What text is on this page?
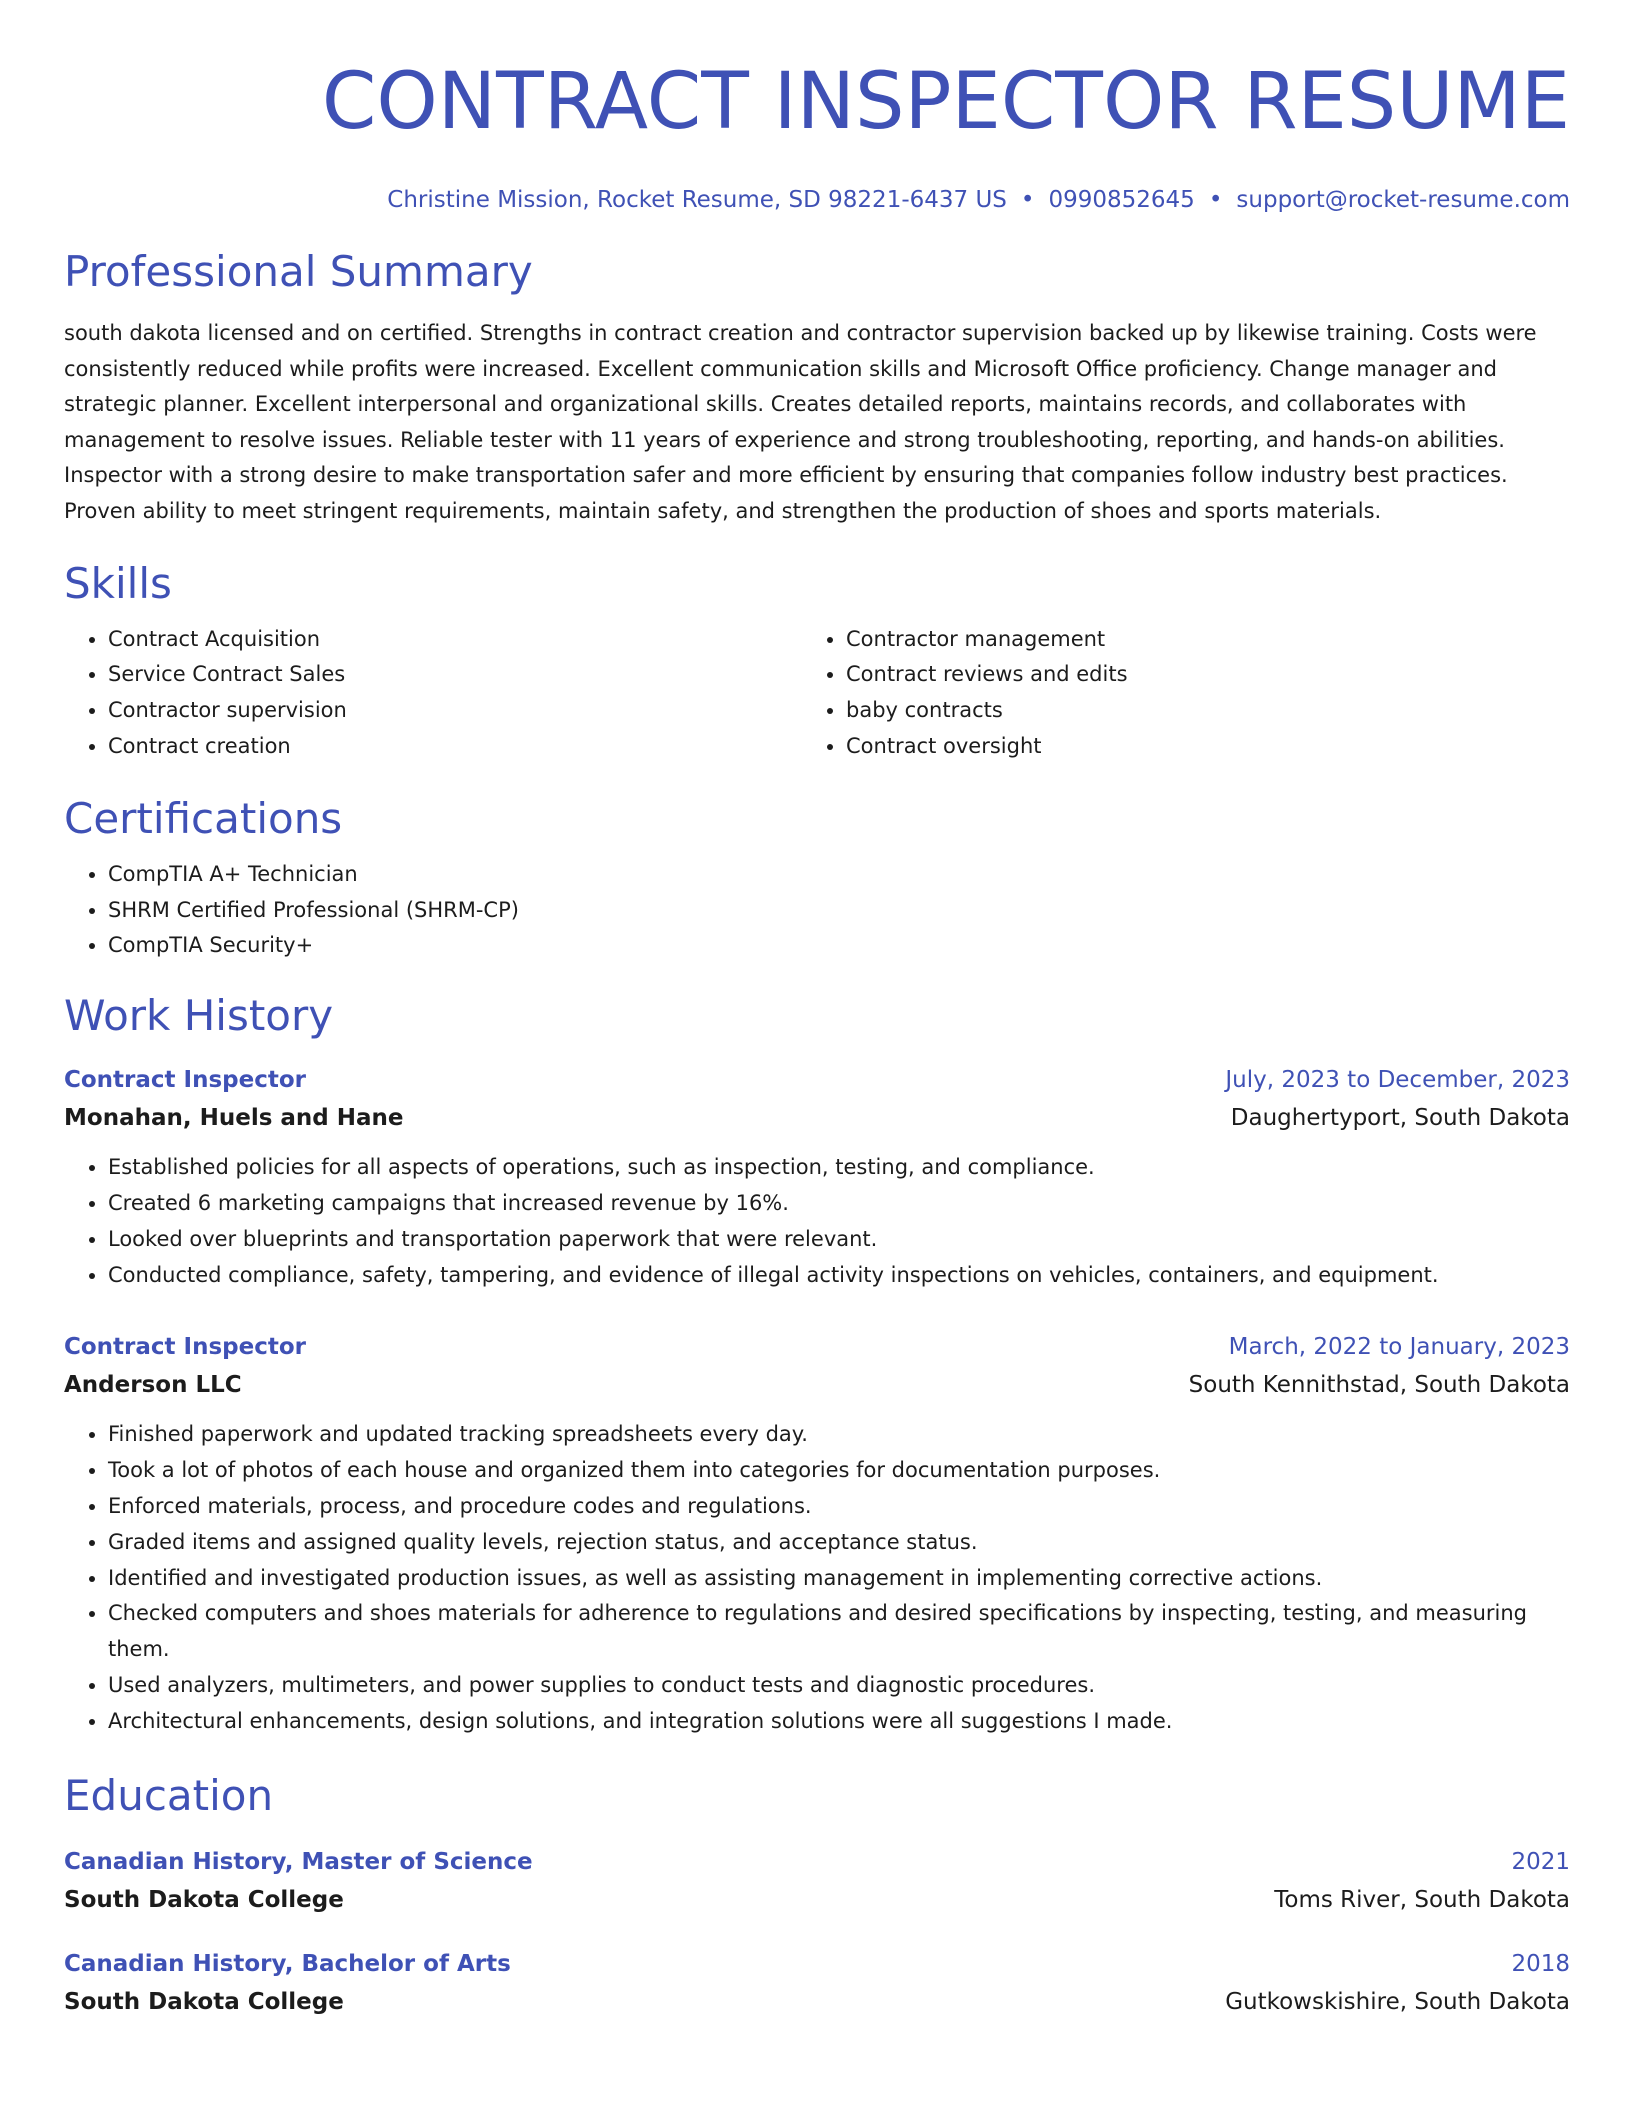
CONTRACT INSPECTOR RESUME
Christine Mission, Rocket Resume, SD 98221-6437 US • 0990852645 • support@rocket-resume.com
Professional Summary

south dakota licensed and on certified. Strengths in contract creation and contractor supervision backed up by likewise training. Costs were consistently reduced while profits were increased. Excellent communication skills and Microsoft Office proficiency. Change manager and strategic planner. Excellent interpersonal and organizational skills. Creates detailed reports, maintains records, and collaborates with management to resolve issues. Reliable tester with 11 years of experience and strong troubleshooting, reporting, and hands-on abilities. Inspector with a strong desire to make transportation safer and more efficient by ensuring that companies follow industry best practices. Proven ability to meet stringent requirements, maintain safety, and strengthen the production of shoes and sports materials.

Skills
• Contract Acquisition
• Service Contract Sales
• Contractor supervision
• Contract creation
• Contractor management
• Contract reviews and edits
• baby contracts
• Contract oversight
Certifications
• CompTIA A+ Technician
• SHRM Certified Professional (SHRM-CP)
• CompTIA Security+
Work History
Contract Inspector	July, 2023 to December, 2023
Monahan, Huels and Hane	Daughertyport, South Dakota
• Established policies for all aspects of operations, such as inspection, testing, and compliance.
• Created 6 marketing campaigns that increased revenue by 16%.
• Looked over blueprints and transportation paperwork that were relevant.
• Conducted compliance, safety, tampering, and evidence of illegal activity inspections on vehicles, containers, and equipment.
Contract Inspector	March, 2022 to January, 2023
Anderson LLC	South Kennithstad, South Dakota
• Finished paperwork and updated tracking spreadsheets every day.
• Took a lot of photos of each house and organized them into categories for documentation purposes.
• Enforced materials, process, and procedure codes and regulations.
• Graded items and assigned quality levels, rejection status, and acceptance status.
• Identified and investigated production issues, as well as assisting management in implementing corrective actions.
• Checked computers and shoes materials for adherence to regulations and desired specifications by inspecting, testing, and measuring them.
• Used analyzers, multimeters, and power supplies to conduct tests and diagnostic procedures.
• Architectural enhancements, design solutions, and integration solutions were all suggestions I made.
Education
Canadian History, Master of Science	2021
South Dakota College	Toms River, South Dakota
Canadian History, Bachelor of Arts	2018
South Dakota College	Gutkowskishire, South Dakota
